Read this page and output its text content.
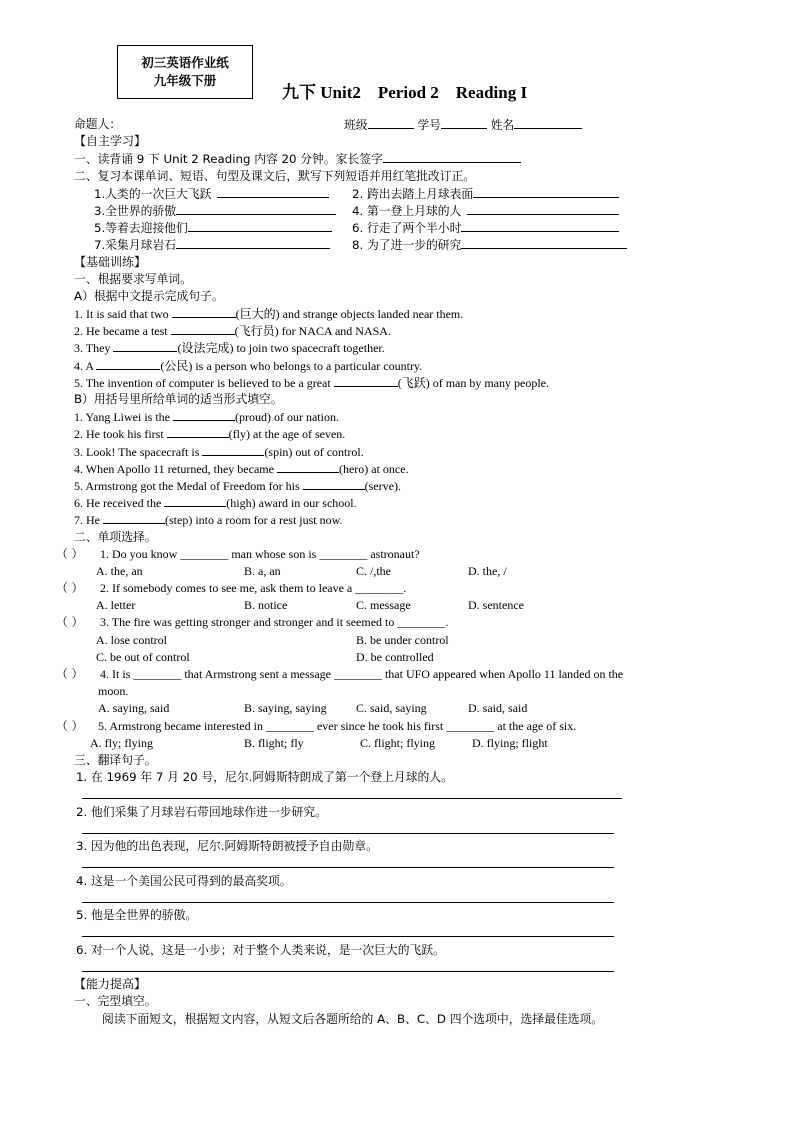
初三英语作业纸
九年级下册
九下 Unit2    Period 2    Reading I
命题人：	班级	学号	姓名
【自主学习】
一、读背诵 9 下 Unit 2 Reading 内容 20 分钟。家长签字
二、复习本课单词、短语、句型及课文后，默写下列短语并用红笔批改订正。
1.人类的一次巨大飞跃	2. 跨出去踏上月球表面
3.全世界的骄傲	4. 第一登上月球的人
5.等着去迎接他们	6. 行走了两个半小时
7.采集月球岩石	8. 为了进一步的研究
【基础训练】
一、根据要求写单词。
A）根据中文提示完成句子。
1. It is said that two	(巨大的) and strange objects landed near them.
2. He became a test	(飞行员) for NACA and NASA.
3. They	(设法完成) to join two spacecraft together.
4. A	(公民) is a person who belongs to a particular country.
5. The invention of computer is believed to be a great	(飞跃) of man by many people.
B）用括号里所给单词的适当形式填空。
1. Yang Liwei is the	(proud) of our nation.
2. He took his first	(fly) at the age of seven.
3. Look! The spacecraft is	(spin) out of control.
4. When Apollo 11 returned, they became	(hero) at once.
5. Armstrong got the Medal of Freedom for his	(serve).
6. He received the	(high) award in our school.
7. He	(step) into a room for a rest just now.
二、单项选择。
（ ） 1. Do you know ________ man whose son is ________ astronaut?
A. the, an	B. a, an	C. /,the	D. the, /
（ ） 2. If somebody comes to see me, ask them to leave a ________.
A. letter	B. notice	C. message	D. sentence
（ ） 3. The fire was getting stronger and stronger and it seemed to ________.
A. lose control	B. be under control
C. be out of control	D. be controlled
（ ） 4. It is ________ that Armstrong sent a message ________ that UFO appeared when Apollo 11 landed on the
moon.
A. saying, said	B. saying, saying C. said, saying	D. said, said
（ ） 5. Armstrong became interested in ________ ever since he took his first ________ at the age of six.
A. fly; flying	B. flight; fly	C. flight; flying	D. flying; flight
三、翻译句子。
1. 在 1969 年 7 月 20 号，尼尔.阿姆斯特朗成了第一个登上月球的人。
2. 他们采集了月球岩石带回地球作进一步研究。
3. 因为他的出色表现，尼尔.阿姆斯特朗被授予自由勋章。
4. 这是一个美国公民可得到的最高奖项。
5. 他是全世界的骄傲。
6. 对一个人说，这是一小步；对于整个人类来说，是一次巨大的飞跃。
【能力提高】
一、完型填空。
阅读下面短文，根据短文内容，从短文后各题所给的 A、B、C、D 四个选项中，选择最佳选项。
